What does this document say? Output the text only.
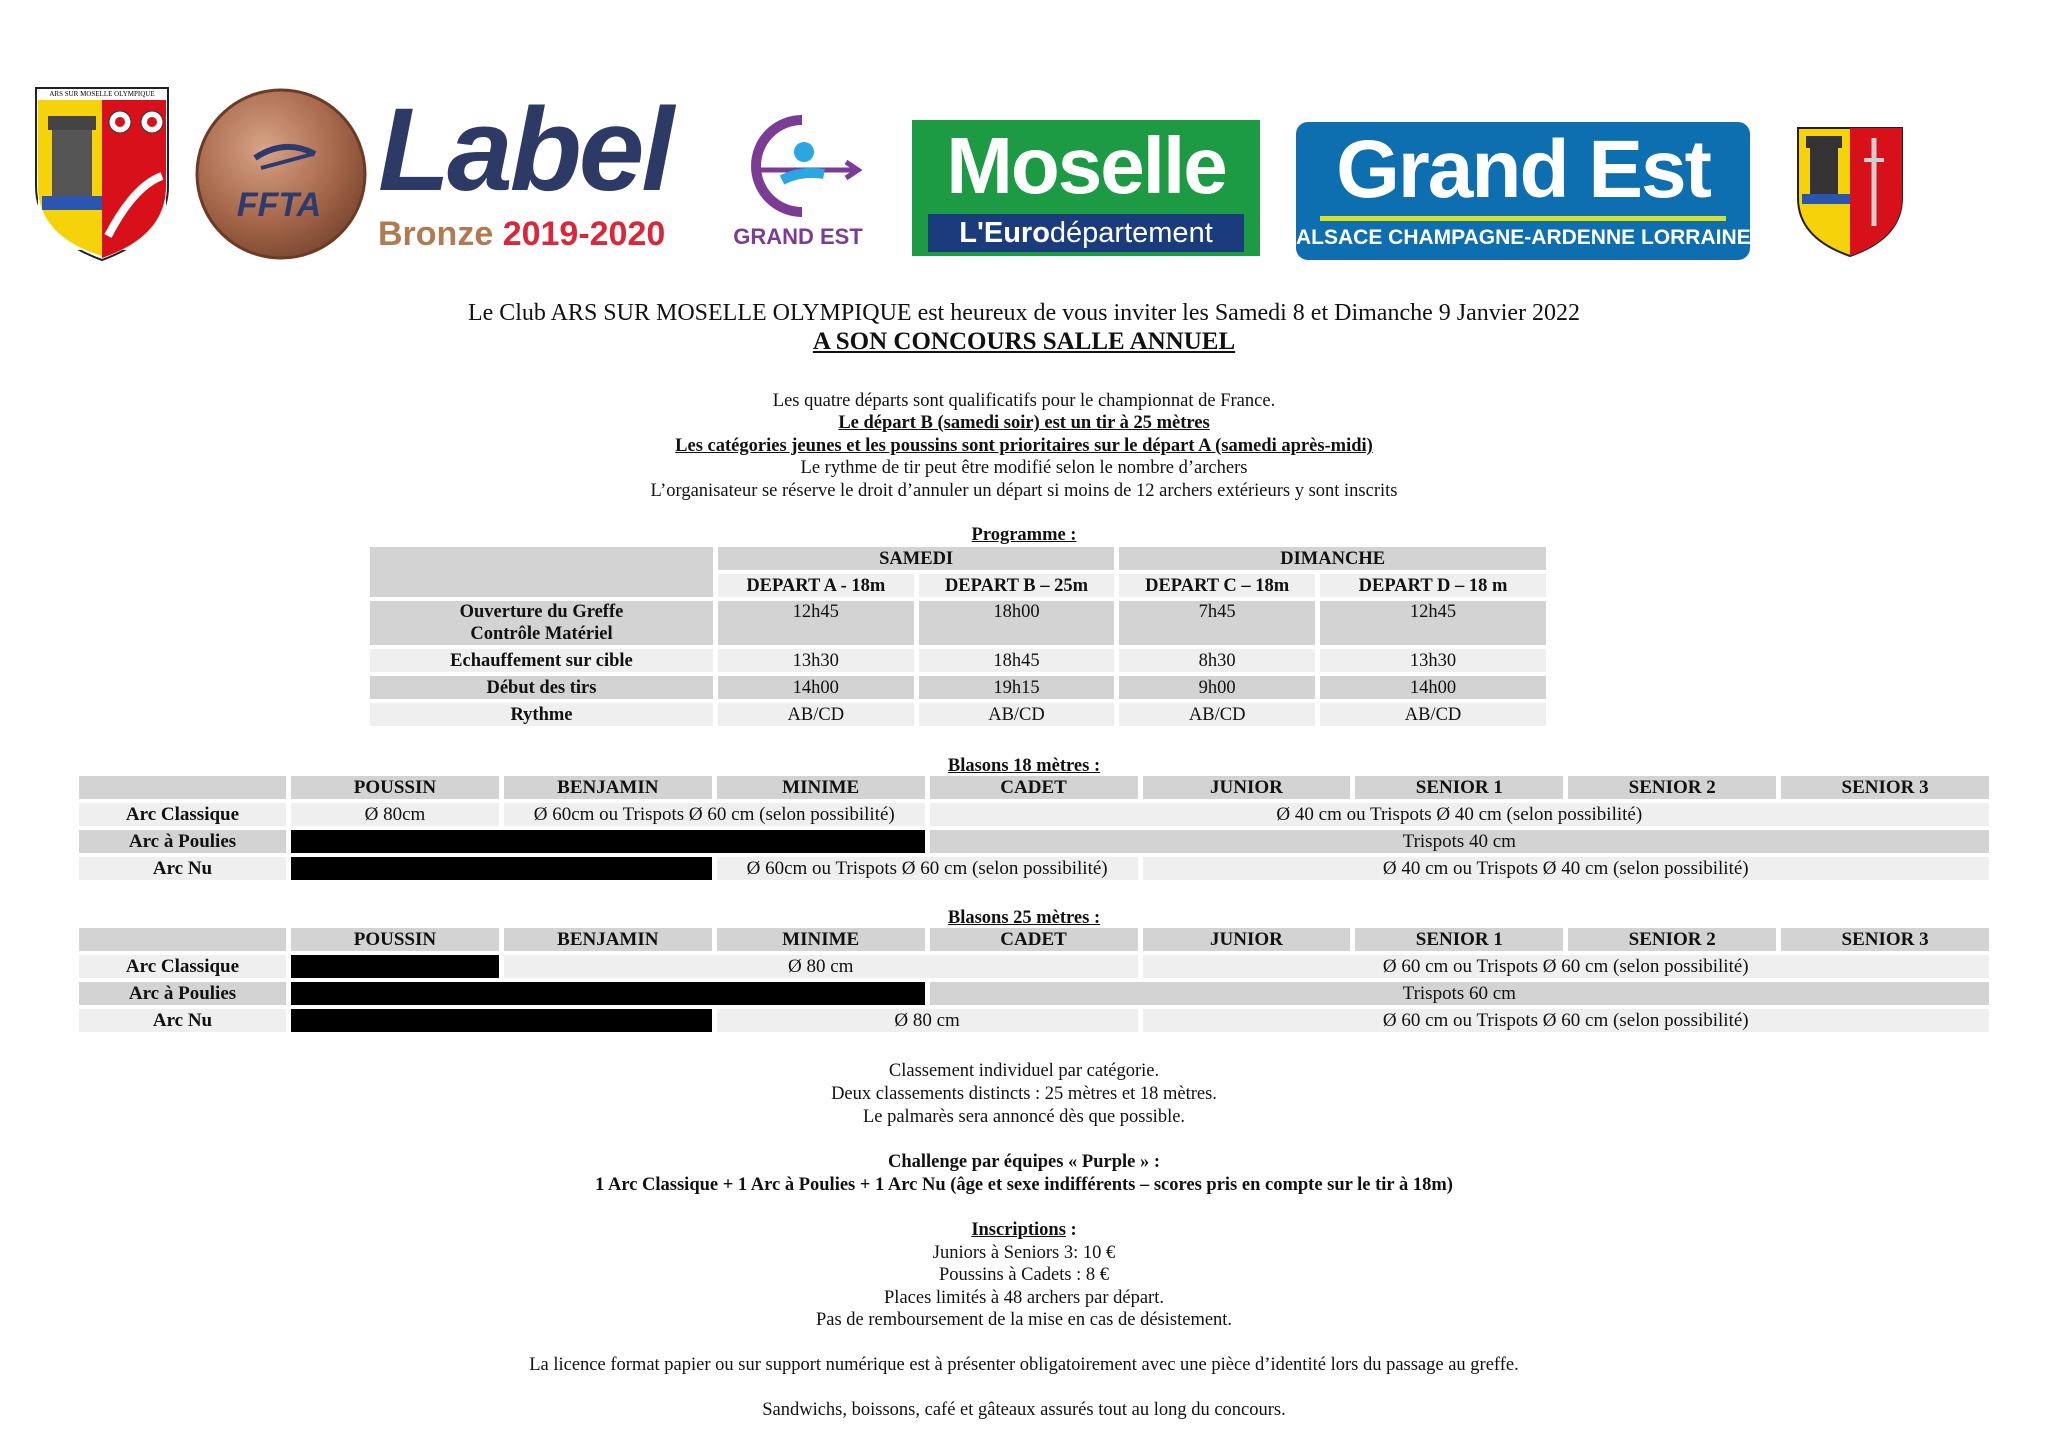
ARS SUR MOSELLE OLYMPIQUE
FFTA Label
Bronze 2019-2020	GRAND EST
Moselle
L'Eurodépartement
Grand Est
ALSACE CHAMPAGNE-ARDENNE LORRAINE
Le Club ARS SUR MOSELLE OLYMPIQUE est heureux de vous inviter les Samedi 8 et Dimanche 9 Janvier 2022
A SON CONCOURS SALLE ANNUEL
Les quatre départs sont qualificatifs pour le championnat de France.
Le départ B (samedi soir) est un tir à 25 mètres
Les catégories jeunes et les poussins sont prioritaires sur le départ A (samedi après-midi)
Le rythme de tir peut être modifié selon le nombre d’archers
L’organisateur se réserve le droit d’annuler un départ si moins de 12 archers extérieurs y sont inscrits
Programme :
	SAMEDI		DIMANCHE	
	DEPART A - 18m	DEPART B – 25m	DEPART C – 18m	DEPART D – 18 m
Ouverture du Greffe
Contrôle Matériel	12h45	18h00	7h45	12h45
Echauffement sur cible	13h30	18h45	8h30	13h30
Début des tirs	14h00	19h15	9h00	14h00
Rythme	AB/CD	AB/CD	AB/CD	AB/CD
Blasons 18 mètres :
	POUSSIN	BENJAMIN	MINIME	CADET	JUNIOR	SENIOR 1	SENIOR 2	SENIOR 3
Arc Classique	Ø 80cm	Ø 60cm ou Trispots Ø 60 cm (selon possibilité)		Ø 40 cm ou Trispots Ø 40 cm (selon possibilité)				
Arc à Poulies				Trispots 40 cm				
Arc Nu			Ø 60cm ou Trispots Ø 60 cm (selon possibilité)		Ø 40 cm ou Trispots Ø 40 cm (selon possibilité)			
Blasons 25 mètres :
	POUSSIN	BENJAMIN	MINIME	CADET	JUNIOR	SENIOR 1	SENIOR 2	SENIOR 3
Arc Classique		Ø 80 cm			Ø 60 cm ou Trispots Ø 60 cm (selon possibilité)			
Arc à Poulies				Trispots 60 cm				
Arc Nu			Ø 80 cm		Ø 60 cm ou Trispots Ø 60 cm (selon possibilité)			
Classement individuel par catégorie.
Deux classements distincts : 25 mètres et 18 mètres.
Le palmarès sera annoncé dès que possible.
Challenge par équipes « Purple » :
1 Arc Classique + 1 Arc à Poulies + 1 Arc Nu (âge et sexe indifférents – scores pris en compte sur le tir à 18m)
Inscriptions :
Juniors à Seniors 3: 10 €
Poussins à Cadets : 8 €
Places limités à 48 archers par départ.
Pas de remboursement de la mise en cas de désistement.
La licence format papier ou sur support numérique est à présenter obligatoirement avec une pièce d’identité lors du passage au greffe.
Sandwichs, boissons, café et gâteaux assurés tout au long du concours.
